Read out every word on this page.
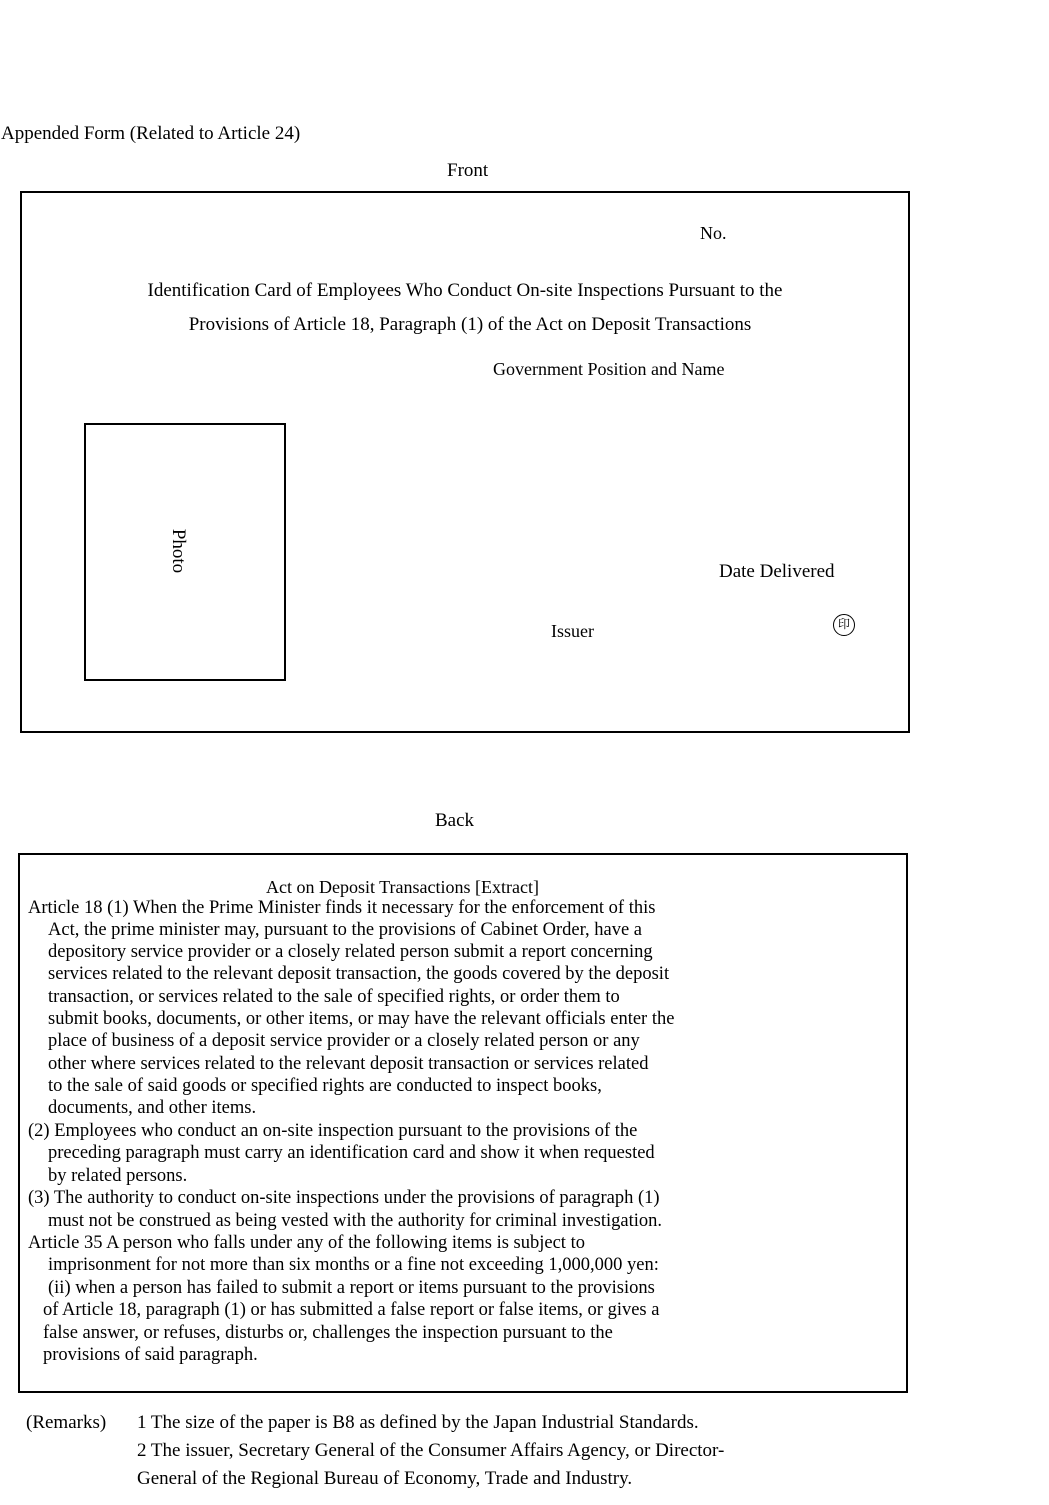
Appended Form (Related to Article 24)
Front
No.
Identification Card of Employees Who Conduct On-site Inspections Pursuant to the
Provisions of Article 18, Paragraph (1) of the Act on Deposit Transactions
Government Position and Name
Photo	Date Delivered
Issuer	印
Back
Act on Deposit Transactions [Extract]
Article 18 (1) When the Prime Minister finds it necessary for the enforcement of this
Act, the prime minister may, pursuant to the provisions of Cabinet Order, have a
depository service provider or a closely related person submit a report concerning
services related to the relevant deposit transaction, the goods covered by the deposit
transaction, or services related to the sale of specified rights, or order them to
submit books, documents, or other items, or may have the relevant officials enter the
place of business of a deposit service provider or a closely related person or any
other where services related to the relevant deposit transaction or services related
to the sale of said goods or specified rights are conducted to inspect books,
documents, and other items.
(2) Employees who conduct an on-site inspection pursuant to the provisions of the
preceding paragraph must carry an identification card and show it when requested
by related persons.
(3) The authority to conduct on-site inspections under the provisions of paragraph (1)
must not be construed as being vested with the authority for criminal investigation.
Article 35 A person who falls under any of the following items is subject to
imprisonment for not more than six months or a fine not exceeding 1,000,000 yen:
(ii) when a person has failed to submit a report or items pursuant to the provisions
of Article 18, paragraph (1) or has submitted a false report or false items, or gives a
false answer, or refuses, disturbs or, challenges the inspection pursuant to the
provisions of said paragraph.
(Remarks) 1 The size of the paper is B8 as defined by the Japan Industrial Standards.
2 The issuer, Secretary General of the Consumer Affairs Agency, or Director-
General of the Regional Bureau of Economy, Trade and Industry.
